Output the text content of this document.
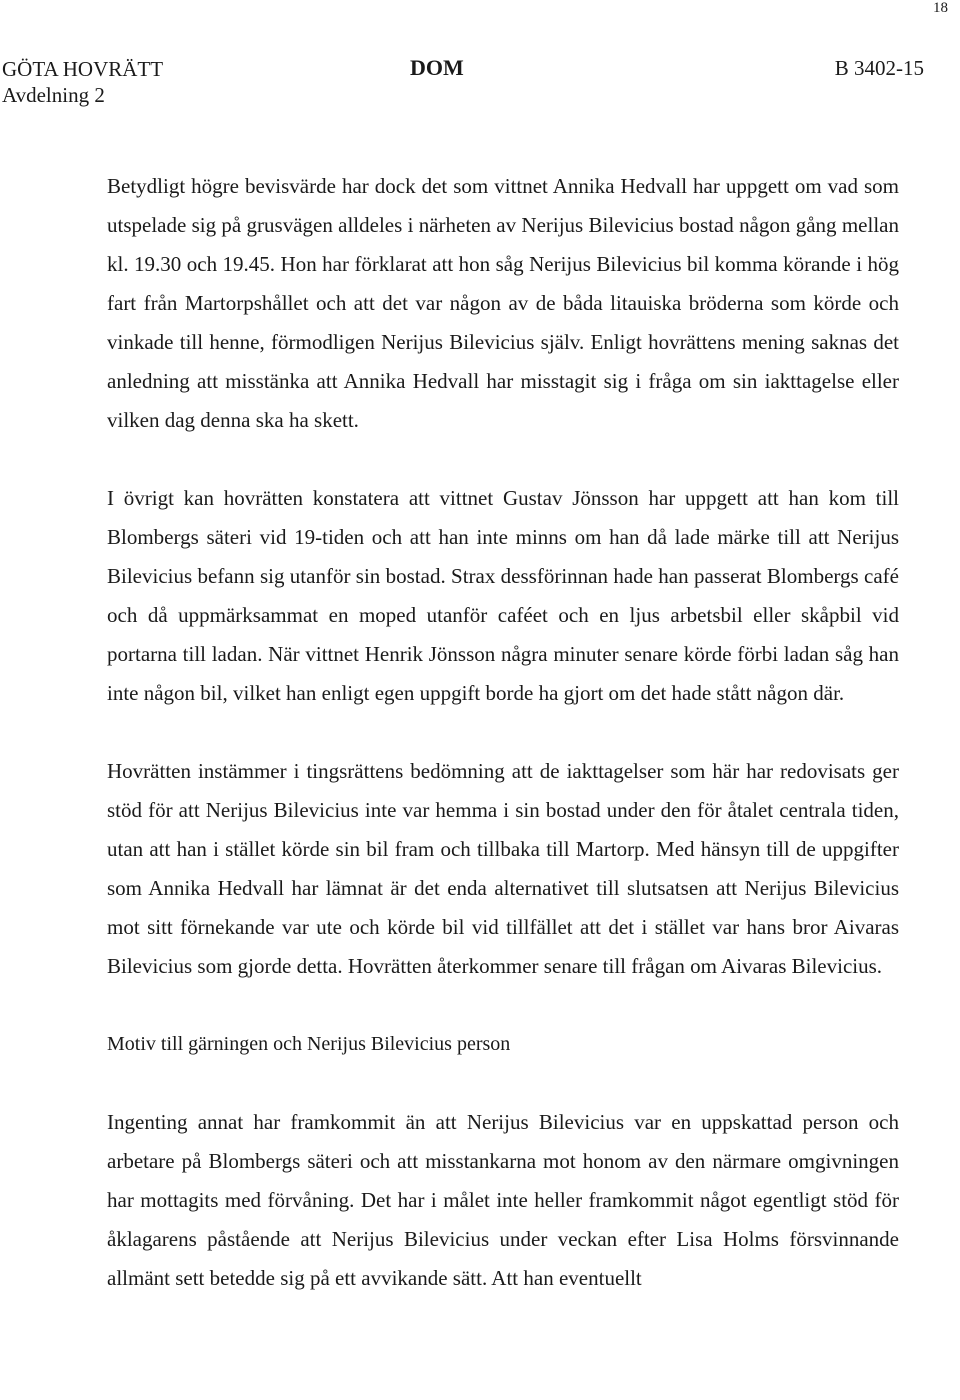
18
GÖTA HOVRÄTT
Avdelning 2
DOM	B 3402-15

Betydligt högre bevisvärde har dock det som vittnet Annika Hedvall har uppgett om vad som utspelade sig på grusvägen alldeles i närheten av Nerijus Bilevicius bostad någon gång mellan kl. 19.30 och 19.45. Hon har förklarat att hon såg Nerijus Bilevicius bil komma körande i hög fart från Martorpshållet och att det var någon av de båda litauiska bröderna som körde och vinkade till henne, förmodligen Nerijus Bilevicius själv. Enligt hovrättens mening saknas det anledning att misstänka att Annika Hedvall har misstagit sig i fråga om sin iakttagelse eller vilken dag denna ska ha skett.

I övrigt kan hovrätten konstatera att vittnet Gustav Jönsson har uppgett att han kom till Blombergs säteri vid 19-tiden och att han inte minns om han då lade märke till att Nerijus Bilevicius befann sig utanför sin bostad. Strax dessförinnan hade han passerat Blombergs café och då uppmärksammat en moped utanför caféet och en ljus arbetsbil eller skåpbil vid portarna till ladan. När vittnet Henrik Jönsson några minuter senare körde förbi ladan såg han inte någon bil, vilket han enligt egen uppgift borde ha gjort om det hade stått någon där.

Hovrätten instämmer i tingsrättens bedömning att de iakttagelser som här har redovisats ger stöd för att Nerijus Bilevicius inte var hemma i sin bostad under den för åtalet centrala tiden, utan att han i stället körde sin bil fram och tillbaka till Martorp. Med hänsyn till de uppgifter som Annika Hedvall har lämnat är det enda alternativet till slutsatsen att Nerijus Bilevicius mot sitt förnekande var ute och körde bil vid tillfället att det i stället var hans bror Aivaras Bilevicius som gjorde detta. Hovrätten återkommer senare till frågan om Aivaras Bilevicius.

Motiv till gärningen och Nerijus Bilevicius person

Ingenting annat har framkommit än att Nerijus Bilevicius var en uppskattad person och arbetare på Blombergs säteri och att misstankarna mot honom av den närmare omgivningen har mottagits med förvåning. Det har i målet inte heller framkommit något egentligt stöd för åklagarens påstående att Nerijus Bilevicius under veckan efter Lisa Holms försvinnande allmänt sett betedde sig på ett avvikande sätt. Att han eventuellt
